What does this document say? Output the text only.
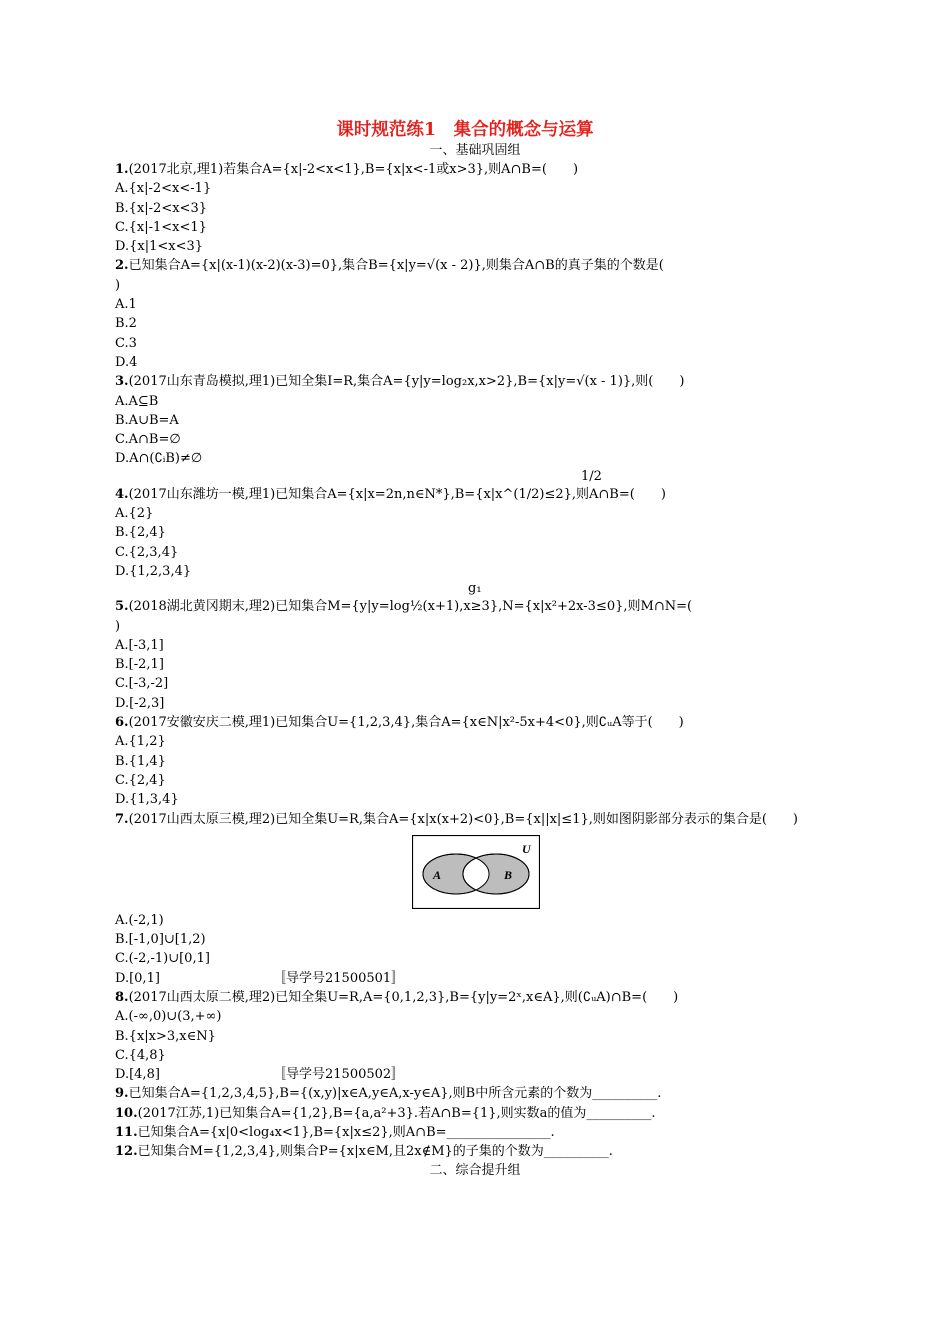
课时规范练1　集合的概念与运算
一、基础巩固组
1.(2017北京,理1)若集合A={x|-2<x<1},B={x|x<-1或x>3},则A∩B=(　　)
A.{x|-2<x<-1}
B.{x|-2<x<3}
C.{x|-1<x<1}
D.{x|1<x<3}
2.已知集合A={x|(x-1)(x-2)(x-3)=0},集合B={x|y=√(x - 2)},则集合A∩B的真子集的个数是(
)
A.1
B.2
C.3
D.4
3.(2017山东青岛模拟,理1)已知全集I=R,集合A={y|y=log₂x,x>2},B={x|y=√(x - 1)},则(　　)
A.A⊆B
B.A∪B=A
C.A∩B=∅
D.A∩(∁ᵢB)≠∅
1/2
4.(2017山东潍坊一模,理1)已知集合A={x|x=2n,n∈N*},B={x|x^(1/2)≤2},则A∩B=(　　)
A.{2}
B.{2,4}
C.{2,3,4}
D.{1,2,3,4}
g₁
5.(2018湖北黄冈期末,理2)已知集合M={y|y=log½(x+1),x≥3},N={x|x²+2x-3≤0},则M∩N=(
)
A.[-3,1]
B.[-2,1]
C.[-3,-2]
D.[-2,3]
6.(2017安徽安庆二模,理1)已知集合U={1,2,3,4},集合A={x∈N|x²-5x+4<0},则∁ᵤA等于(　　)
A.{1,2}
B.{1,4}
C.{2,4}
D.{1,3,4}
7.(2017山西太原三模,理2)已知全集U=R,集合A={x|x(x+2)<0},B={x||x|≤1},则如图阴影部分表示的集合是(　　)
U
A	B
A.(-2,1)
B.[-1,0]∪[1,2)
C.(-2,-1)∪[0,1]
D.[0,1]	〚导学号21500501〛
8.(2017山西太原二模,理2)已知全集U=R,A={0,1,2,3},B={y|y=2ˣ,x∈A},则(∁ᵤA)∩B=(　　)
A.(-∞,0)∪(3,+∞)
B.{x|x>3,x∈N}
C.{4,8}
D.[4,8]	〚导学号21500502〛
9.已知集合A={1,2,3,4,5},B={(x,y)|x∈A,y∈A,x-y∈A},则B中所含元素的个数为__________.
10.(2017江苏,1)已知集合A={1,2},B={a,a²+3}.若A∩B={1},则实数a的值为__________.
11.已知集合A={x|0<log₄x<1},B={x|x≤2},则A∩B=________________.
12.已知集合M={1,2,3,4},则集合P={x|x∈M,且2x∉M}的子集的个数为__________.
二、综合提升组
